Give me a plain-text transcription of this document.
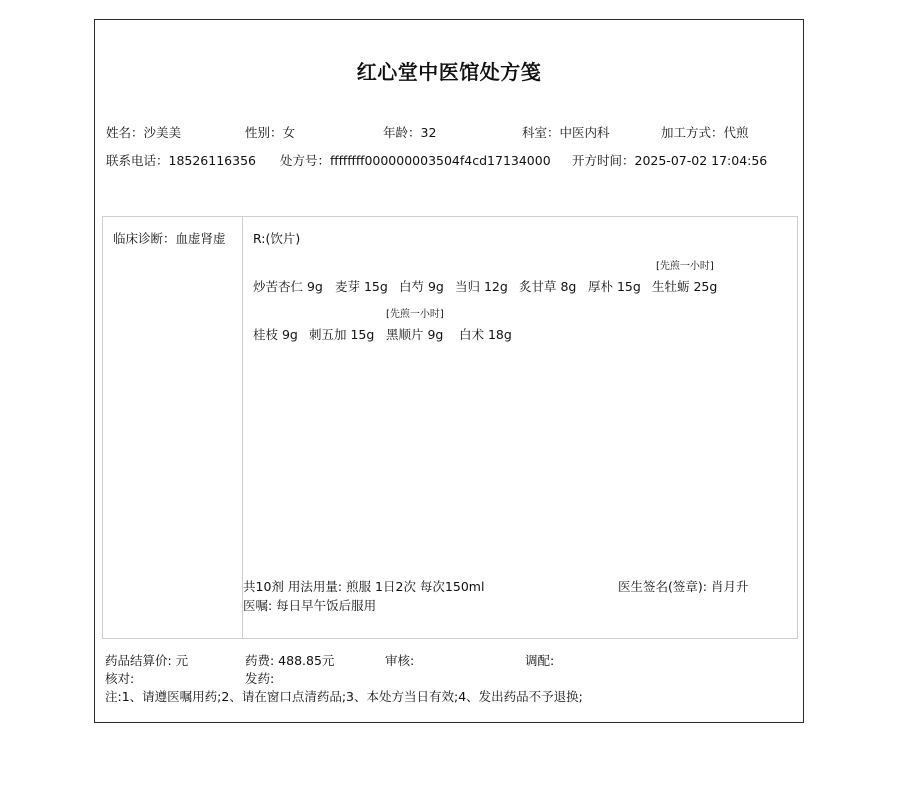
红心堂中医馆处方笺
姓名：沙美美	性别：女	年龄：32	科室：中医内科	加工方式：代煎
联系电话：18526116356 处方号：ffffffff000000003504f4cd17134000 开方时间：2025-07-02 17:04:56
临床诊断：血虚肾虚 R:(饮片)
炒苦杏仁 9g 麦芽 15g 白芍 9g 当归 12g 炙甘草 8g 厚朴 15g
[先煎一小时]
生牡蛎 25g
桂枝 9g 刺五加 15g
[先煎一小时]
黑顺片 9g 白术 18g
共10剂 用法用量: 煎服 1日2次 每次150ml	医生签名(签章): 肖月升
医嘱: 每日早午饭后服用
药品结算价: 元	药费: 488.85元	审核:	调配:
核对:	发药:
注:1、请遵医嘱用药;2、请在窗口点清药品;3、本处方当日有效;4、发出药品不予退换;
